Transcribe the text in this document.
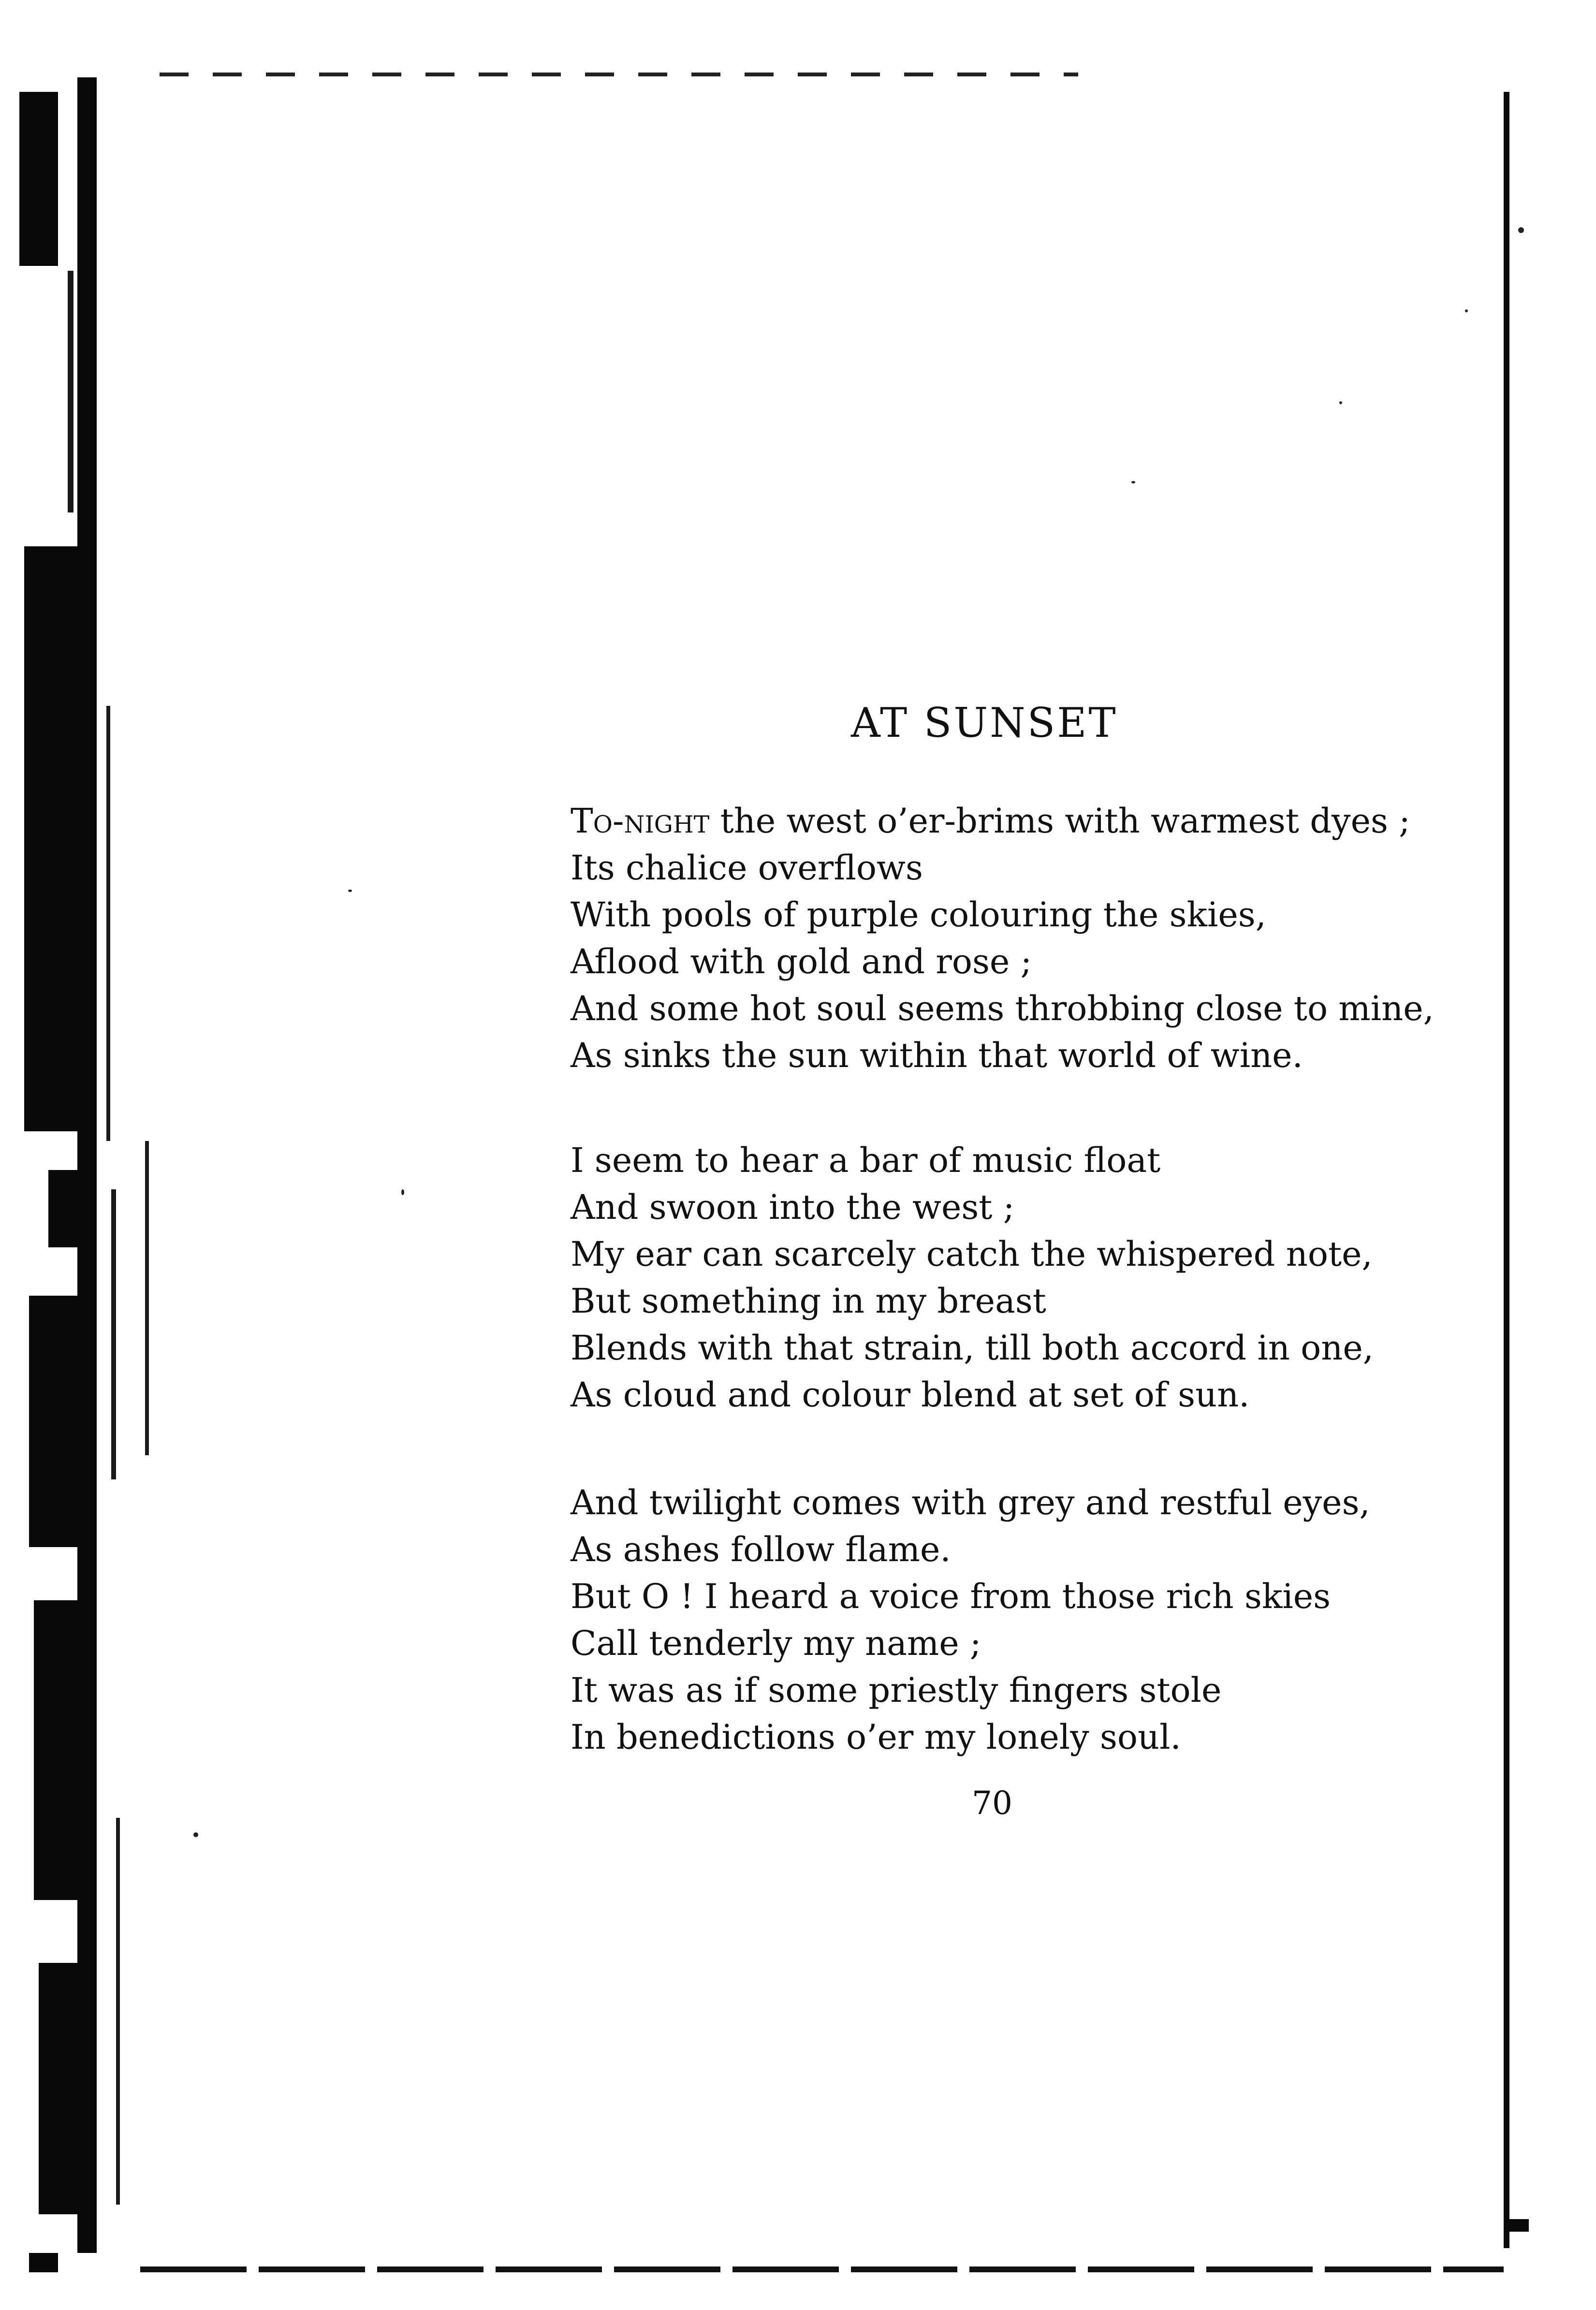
AT SUNSET
To-night the west o’er-brims with warmest dyes ;
Its chalice overflows
With pools of purple colouring the skies,
Aflood with gold and rose ;
And some hot soul seems throbbing close to mine,
As sinks the sun within that world of wine.
I seem to hear a bar of music float
And swoon into the west ;
My ear can scarcely catch the whispered note,
But something in my breast
Blends with that strain, till both accord in one,
As cloud and colour blend at set of sun.
And twilight comes with grey and restful eyes,
As ashes follow flame.
But O ! I heard a voice from those rich skies
Call tenderly my name ;
It was as if some priestly fingers stole
In benedictions o’er my lonely soul.
70
